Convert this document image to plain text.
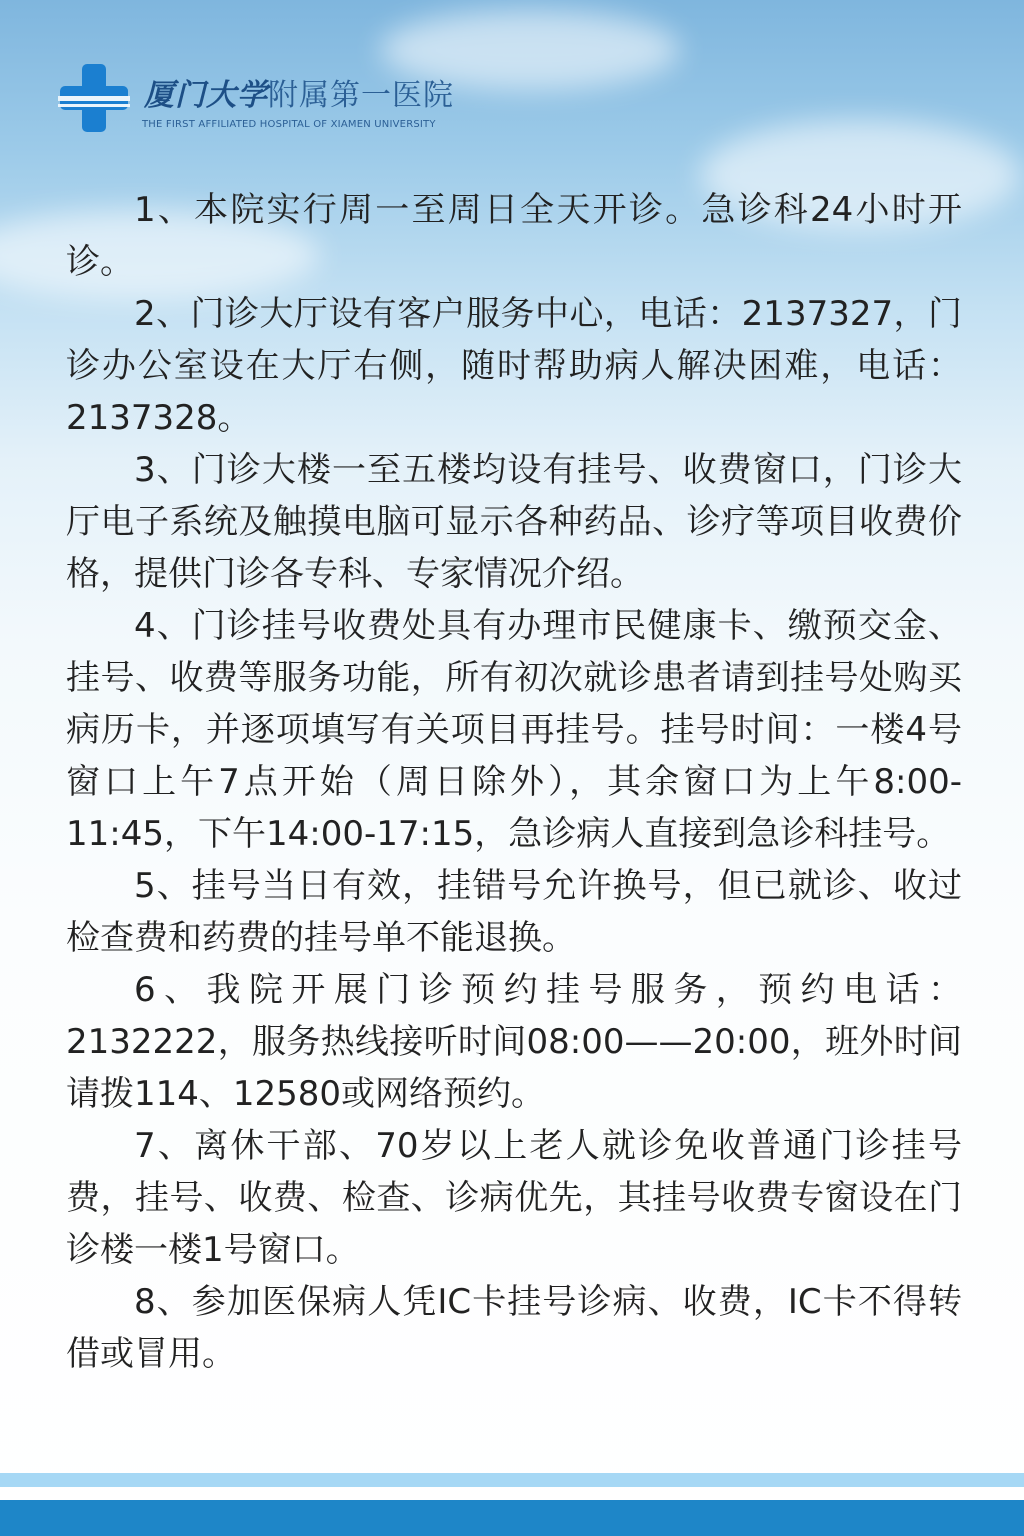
厦门大学附属第一医院
THE FIRST AFFILIATED HOSPITAL OF XIAMEN UNIVERSITY

1、本院实行周一至周日全天开诊。急诊科24小时开诊。

2、门诊大厅设有客户服务中心，电话：2137327，门诊办公室设在大厅右侧，随时帮助病人解决困难，电话：2137328。

3、门诊大楼一至五楼均设有挂号、收费窗口，门诊大厅电子系统及触摸电脑可显示各种药品、诊疗等项目收费价格，提供门诊各专科、专家情况介绍。

4、门诊挂号收费处具有办理市民健康卡、缴预交金、挂号、收费等服务功能，所有初次就诊患者请到挂号处购买病历卡，并逐项填写有关项目再挂号。挂号时间：一楼4号窗口上午7点开始（周日除外），其余窗口为上午8:00-11:45，下午14:00-17:15，急诊病人直接到急诊科挂号。

5、挂号当日有效，挂错号允许换号，但已就诊、收过检查费和药费的挂号单不能退换。

6、我院开展门诊预约挂号服务，预约电话：2132222，服务热线接听时间08:00——20:00，班外时间请拨114、12580或网络预约。

7、离休干部、70岁以上老人就诊免收普通门诊挂号费，挂号、收费、检查、诊病优先，其挂号收费专窗设在门诊楼一楼1号窗口。

8、参加医保病人凭IC卡挂号诊病、收费，IC卡不得转借或冒用。
